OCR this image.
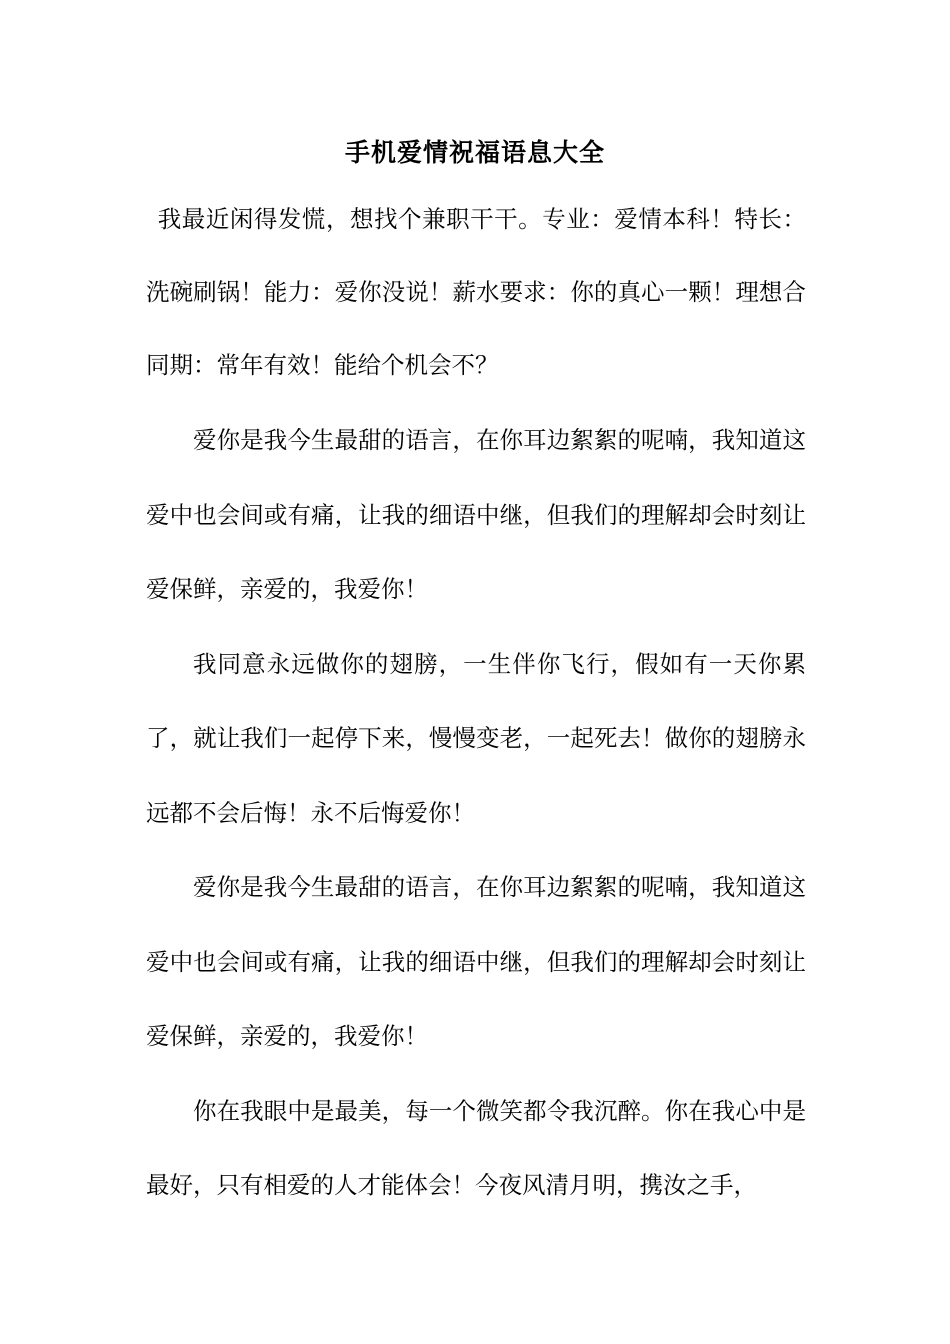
手机爱情祝福语息大全

我最近闲得发慌，想找个兼职干干。专业：爱情本科！特长：洗碗刷锅！能力：爱你没说！薪水要求：你的真心一颗！理想合同期：常年有效！能给个机会不？

爱你是我今生最甜的语言，在你耳边絮絮的呢喃，我知道这爱中也会间或有痛，让我的细语中继，但我们的理解却会时刻让爱保鲜，亲爱的，我爱你！

我同意永远做你的翅膀，一生伴你飞行，假如有一天你累了，就让我们一起停下来，慢慢变老，一起死去！做你的翅膀永远都不会后悔！永不后悔爱你！

爱你是我今生最甜的语言，在你耳边絮絮的呢喃，我知道这爱中也会间或有痛，让我的细语中继，但我们的理解却会时刻让爱保鲜，亲爱的，我爱你！

你在我眼中是最美，每一个微笑都令我沉醉。你在我心中是最好，只有相爱的人才能体会！今夜风清月明，携汝之手，
